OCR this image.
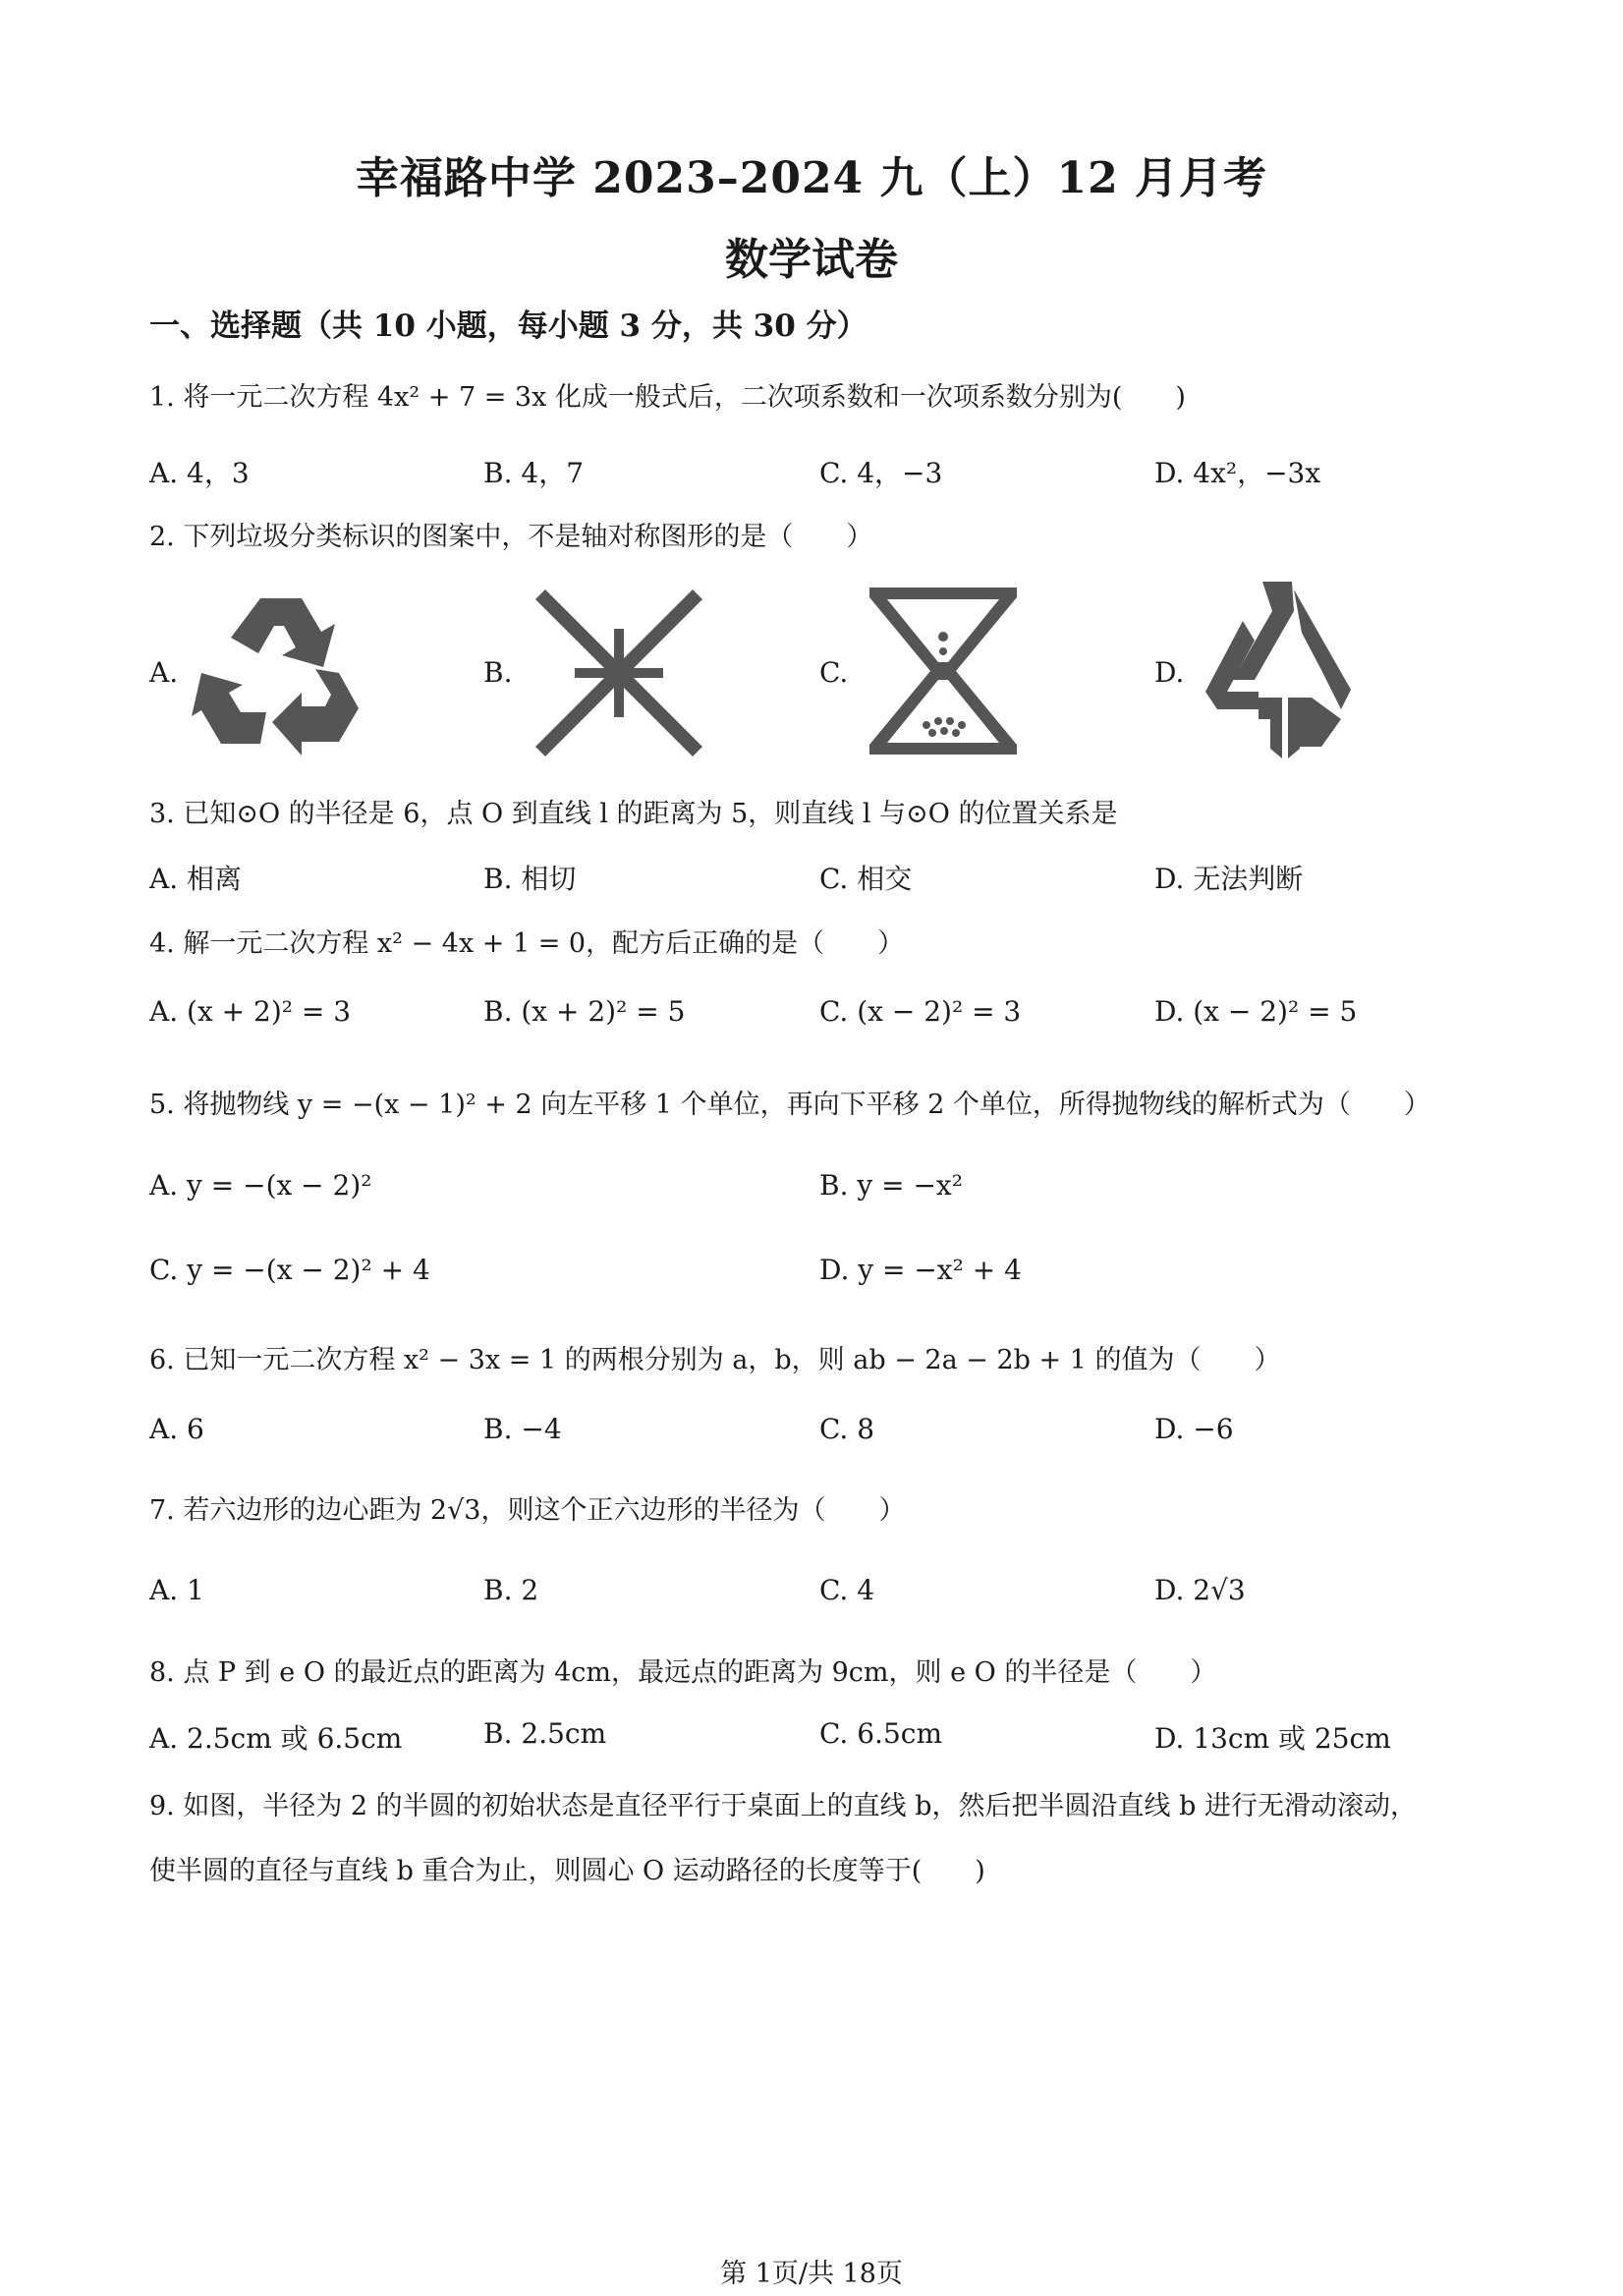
幸福路中学 2023–2024 九（上）12 月月考
数学试卷
一、选择题（共 10 小题，每小题 3 分，共 30 分）
1. 将一元二次方程 4x² + 7 = 3x 化成一般式后，二次项系数和一次项系数分别为(　　)
A. 4，3	B. 4，7	C. 4，−3	D. 4x²，−3x
2. 下列垃圾分类标识的图案中，不是轴对称图形的是（　　）
A.	B.	C.	D.
3. 已知⊙O 的半径是 6，点 O 到直线 l 的距离为 5，则直线 l 与⊙O 的位置关系是
A. 相离	B. 相切	C. 相交	D. 无法判断
4. 解一元二次方程 x² − 4x + 1 = 0，配方后正确的是（　　）
A. (x + 2)² = 3	B. (x + 2)² = 5	C. (x − 2)² = 3	D. (x − 2)² = 5
5. 将抛物线 y = −(x − 1)² + 2 向左平移 1 个单位，再向下平移 2 个单位，所得抛物线的解析式为（　　）
A. y = −(x − 2)²	B. y = −x²
C. y = −(x − 2)² + 4	D. y = −x² + 4
6. 已知一元二次方程 x² − 3x = 1 的两根分别为 a，b，则 ab − 2a − 2b + 1 的值为（　　）
A. 6	B. −4	C. 8	D. −6
7. 若六边形的边心距为 2√3，则这个正六边形的半径为（　　）
A. 1	B. 2	C. 4	D. 2√3
8. 点 P 到 e O 的最近点的距离为 4cm，最远点的距离为 9cm，则 e O 的半径是（　　）
A. 2.5cm 或 6.5cm	B. 2.5cm	C. 6.5cm	D. 13cm 或 25cm
9. 如图，半径为 2 的半圆的初始状态是直径平行于桌面上的直线 b，然后把半圆沿直线 b 进行无滑动滚动，
使半圆的直径与直线 b 重合为止，则圆心 O 运动路径的长度等于(　　)
第 1页/共 18页
